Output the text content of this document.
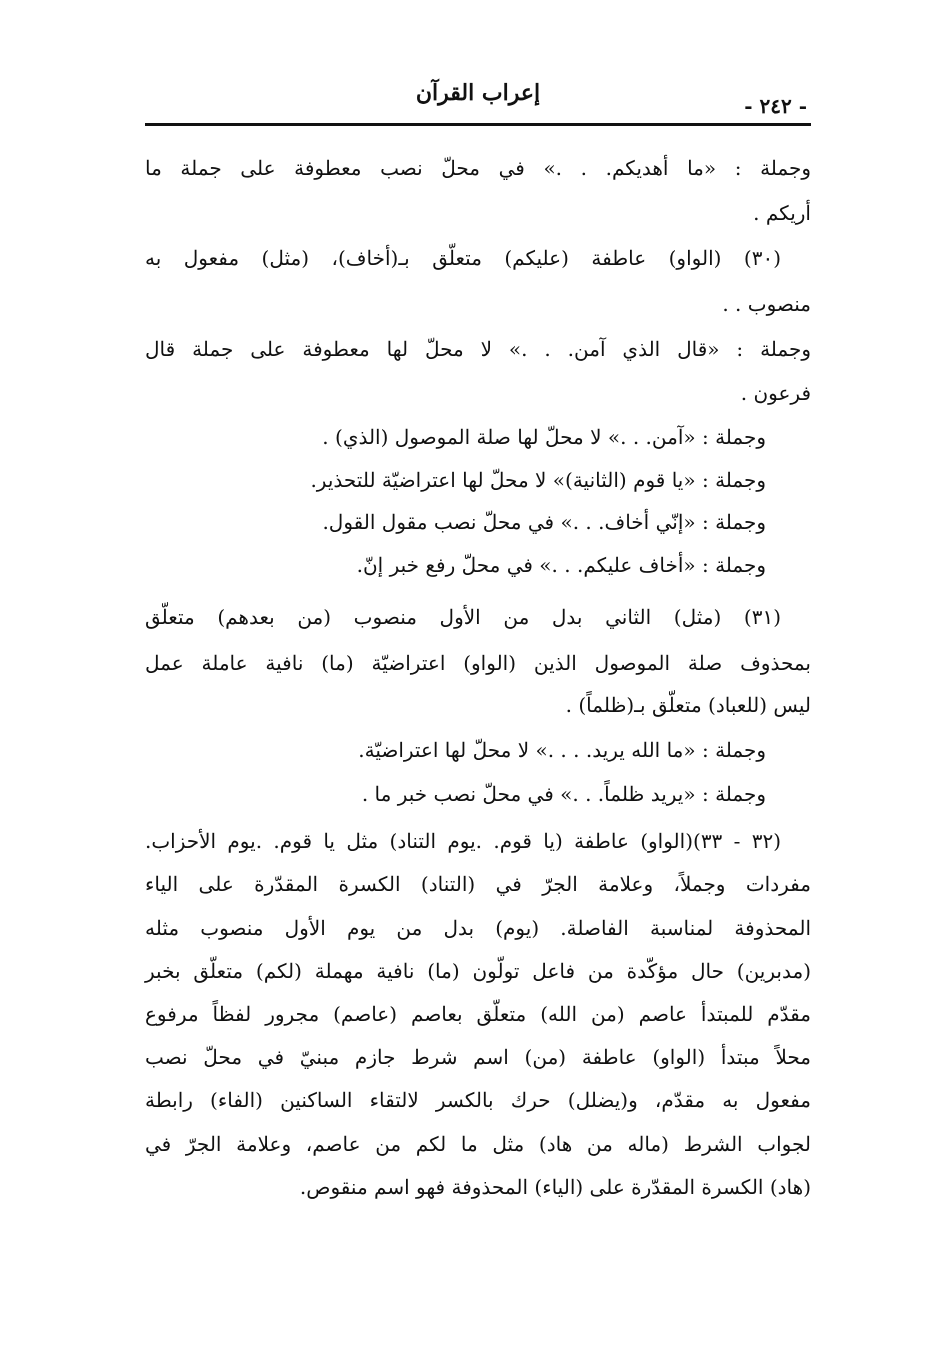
- ٢٤٢ -
إعراب القرآن
وجملة : «ما أهديكم. . .» في محلّ نصب معطوفة على جملة ما
أريكم .
(٣٠) (الواو) عاطفة (عليكم) متعلّق بـ(أخاف)، (مثل) مفعول به
منصوب . .
وجملة : «قال الذي آمن. . .» لا محلّ لها معطوفة على جملة قال
فرعون .
وجملة : «آمن. . .» لا محلّ لها صلة الموصول (الذي) .
وجملة : «يا قوم (الثانية)» لا محلّ لها اعتراضيّة للتحذير.
وجملة : «إنّي أخاف. . .» في محلّ نصب مقول القول.
وجملة : «أخاف عليكم. . .» في محلّ رفع خبر إنّ.
(٣١) (مثل) الثاني بدل من الأول منصوب (من بعدهم) متعلّق
بمحذوف صلة الموصول الذين (الواو) اعتراضيّة (ما) نافية عاملة عمل
ليس (للعباد) متعلّق بـ(ظلماً) .
وجملة : «ما الله يريد. . . .» لا محلّ لها اعتراضيّة.
وجملة : «يريد ظلماً. . .» في محلّ نصب خبر ما .
(٣٢ - ٣٣)(الواو) عاطفة (يا قوم. .يوم التناد) مثل يا قوم. .يوم الأحزاب.
مفردات وجملاً، وعلامة الجرّ في (التناد) الكسرة المقدّرة على الياء
المحذوفة لمناسبة الفاصلة. (يوم) بدل من يوم الأول منصوب مثله
(مدبرين) حال مؤكّدة من فاعل تولّون (ما) نافية مهملة (لكم) متعلّق بخبر
مقدّم للمبتدأ عاصم (من الله) متعلّق بعاصم (عاصم) مجرور لفظاً مرفوع
محلاً مبتدأ (الواو) عاطفة (من) اسم شرط جازم مبنيّ في محلّ نصب
مفعول به مقدّم، و(يضلل) حرك بالكسر لالتقاء الساكنين (الفاء) رابطة
لجواب الشرط (ماله من هاد) مثل ما لكم من عاصم، وعلامة الجرّ في
(هاد) الكسرة المقدّرة على (الياء) المحذوفة فهو اسم منقوص.
